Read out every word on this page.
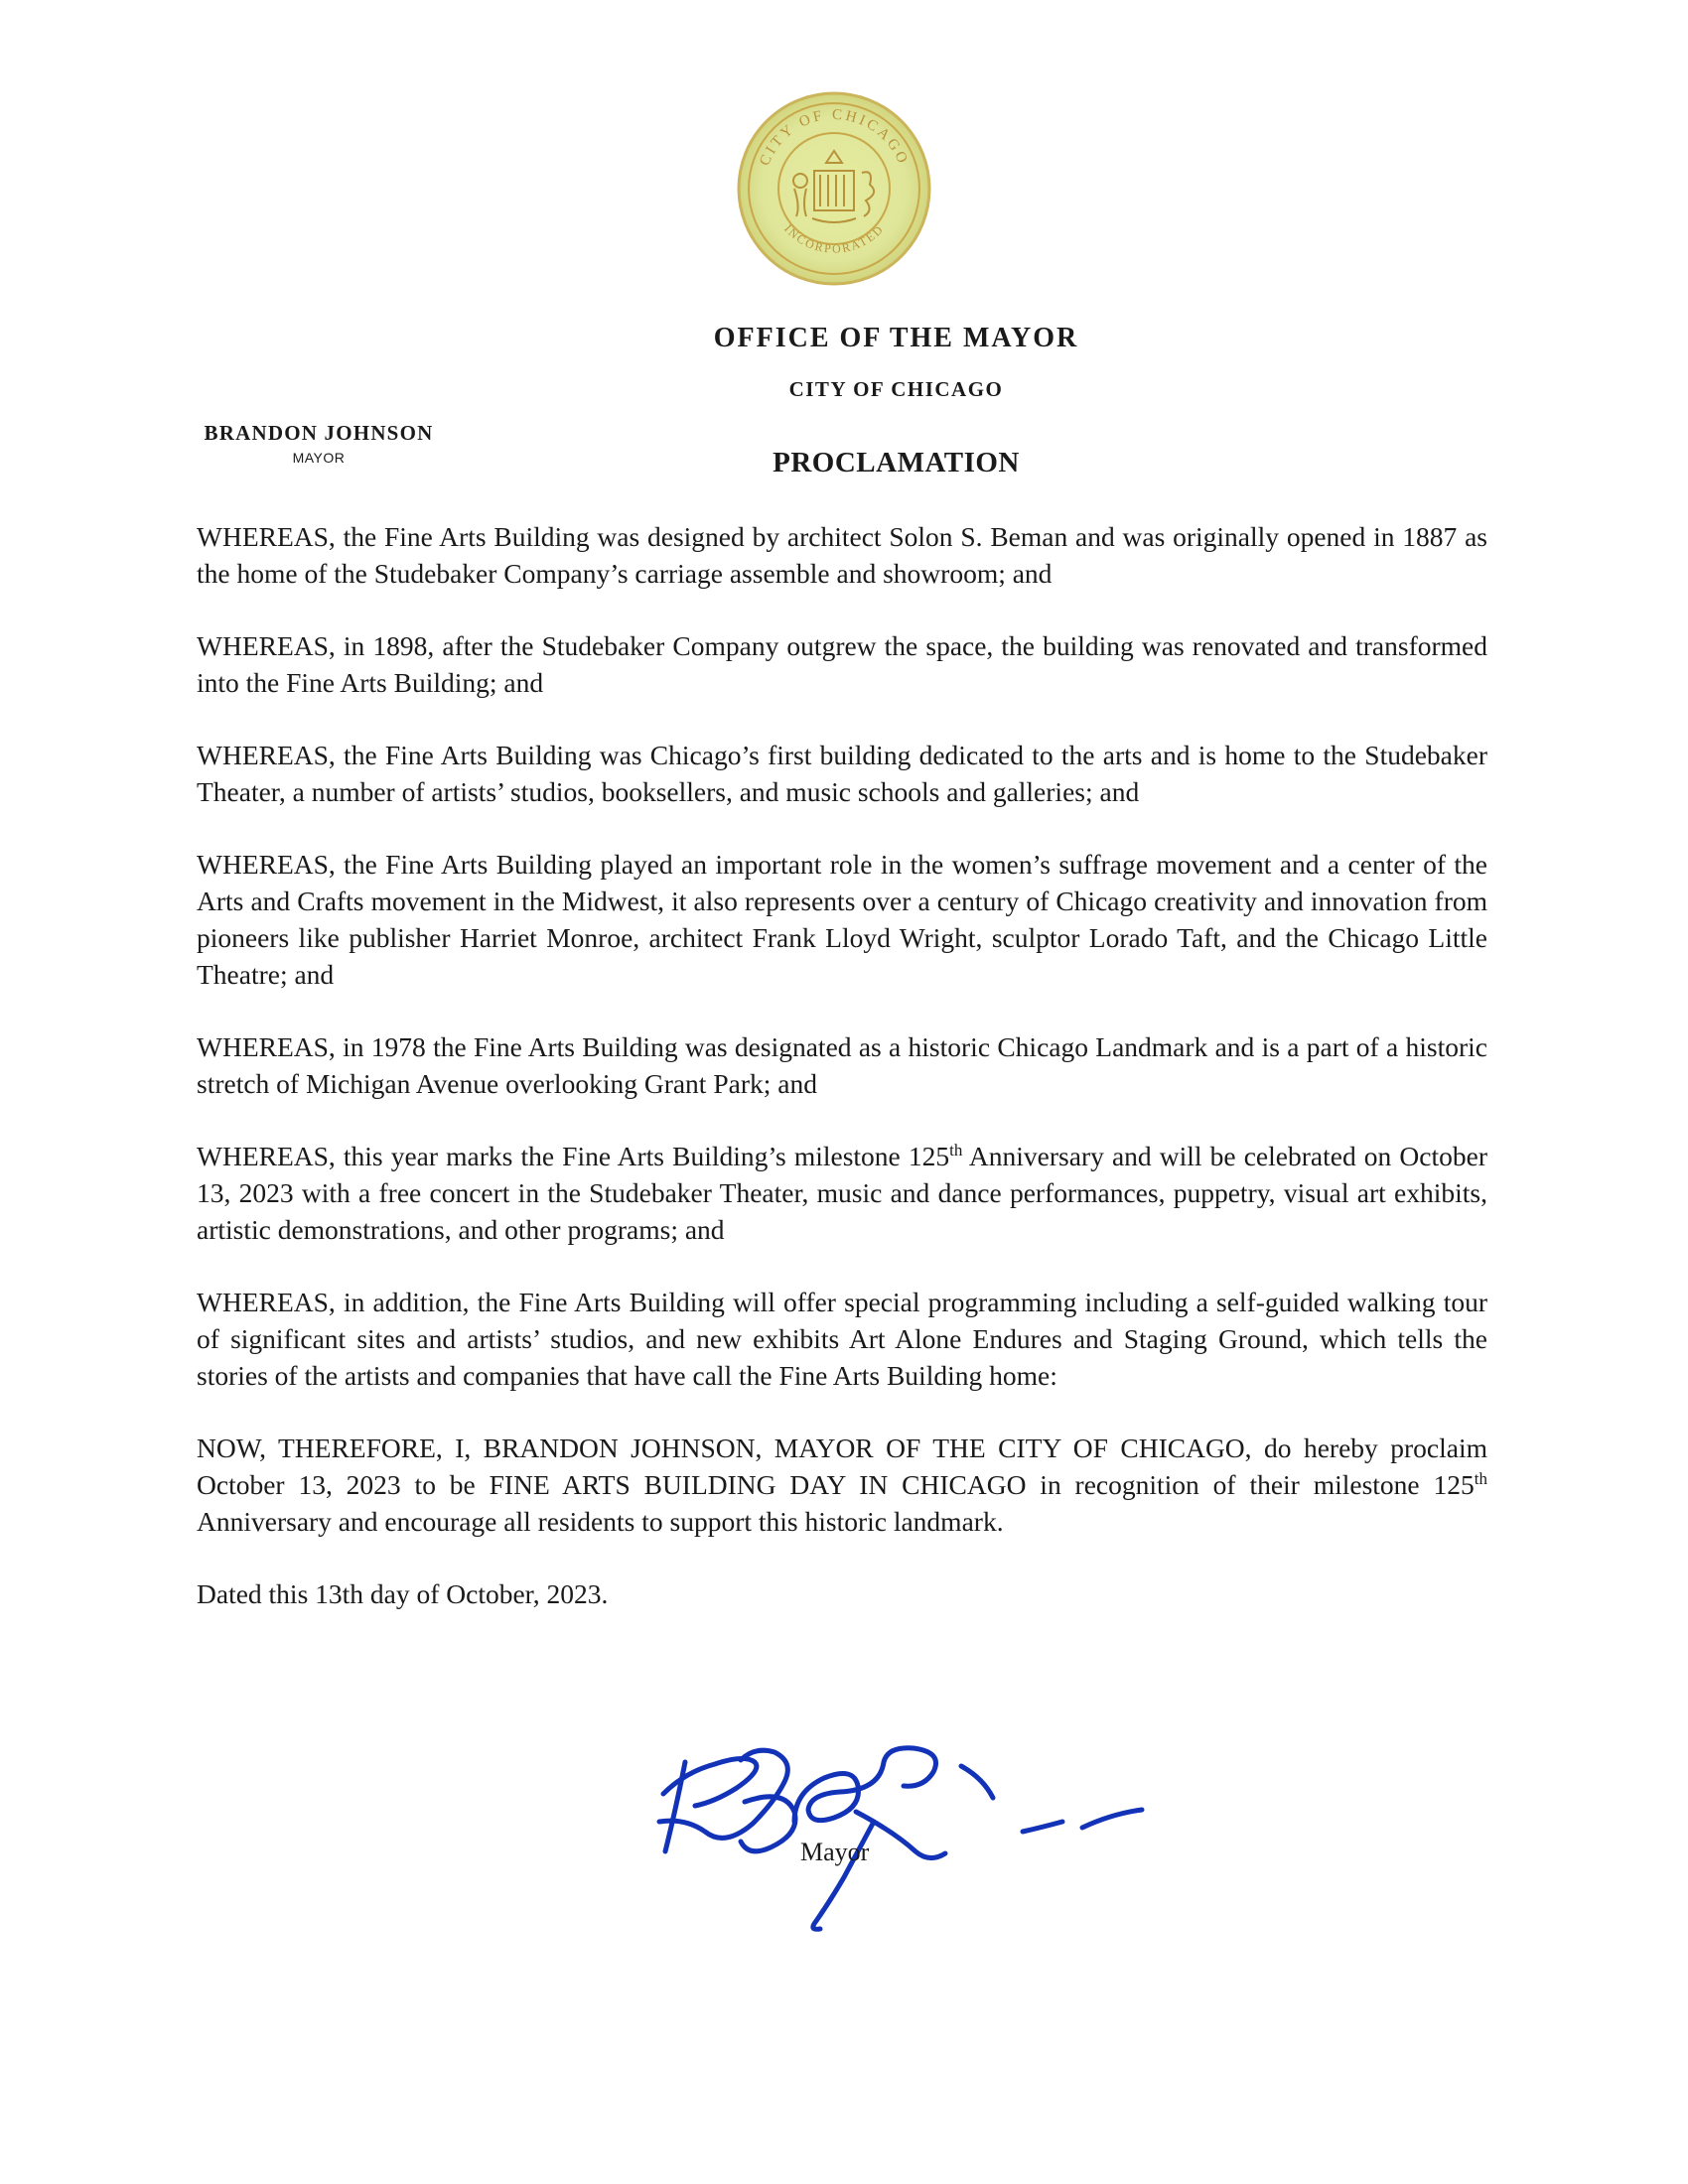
CITY OF CHICAGO
INCORPORATED
OFFICE OF THE MAYOR
CITY OF CHICAGO
BRANDON JOHNSON
MAYOR	PROCLAMATION

WHEREAS, the Fine Arts Building was designed by architect Solon S. Beman and was originally opened in 1887 as the home of the Studebaker Company’s carriage assemble and showroom; and

WHEREAS, in 1898, after the Studebaker Company outgrew the space, the building was renovated and transformed into the Fine Arts Building; and

WHEREAS, the Fine Arts Building was Chicago’s first building dedicated to the arts and is home to the Studebaker Theater, a number of artists’ studios, booksellers, and music schools and galleries; and

WHEREAS, the Fine Arts Building played an important role in the women’s suffrage movement and a center of the Arts and Crafts movement in the Midwest, it also represents over a century of Chicago creativity and innovation from pioneers like publisher Harriet Monroe, architect Frank Lloyd Wright, sculptor Lorado Taft, and the Chicago Little Theatre; and

WHEREAS, in 1978 the Fine Arts Building was designated as a historic Chicago Landmark and is a part of a historic stretch of Michigan Avenue overlooking Grant Park; and

WHEREAS, this year marks the Fine Arts Building’s milestone 125th Anniversary and will be celebrated on October 13, 2023 with a free concert in the Studebaker Theater, music and dance performances, puppetry, visual art exhibits, artistic demonstrations, and other programs; and

WHEREAS, in addition, the Fine Arts Building will offer special programming including a self-guided walking tour of significant sites and artists’ studios, and new exhibits Art Alone Endures and Staging Ground, which tells the stories of the artists and companies that have call the Fine Arts Building home:

NOW, THEREFORE, I, BRANDON JOHNSON, MAYOR OF THE CITY OF CHICAGO, do hereby proclaim October 13, 2023 to be FINE ARTS BUILDING DAY IN CHICAGO in recognition of their milestone 125th Anniversary and encourage all residents to support this historic landmark.

Dated this 13th day of October, 2023.

Mayor
